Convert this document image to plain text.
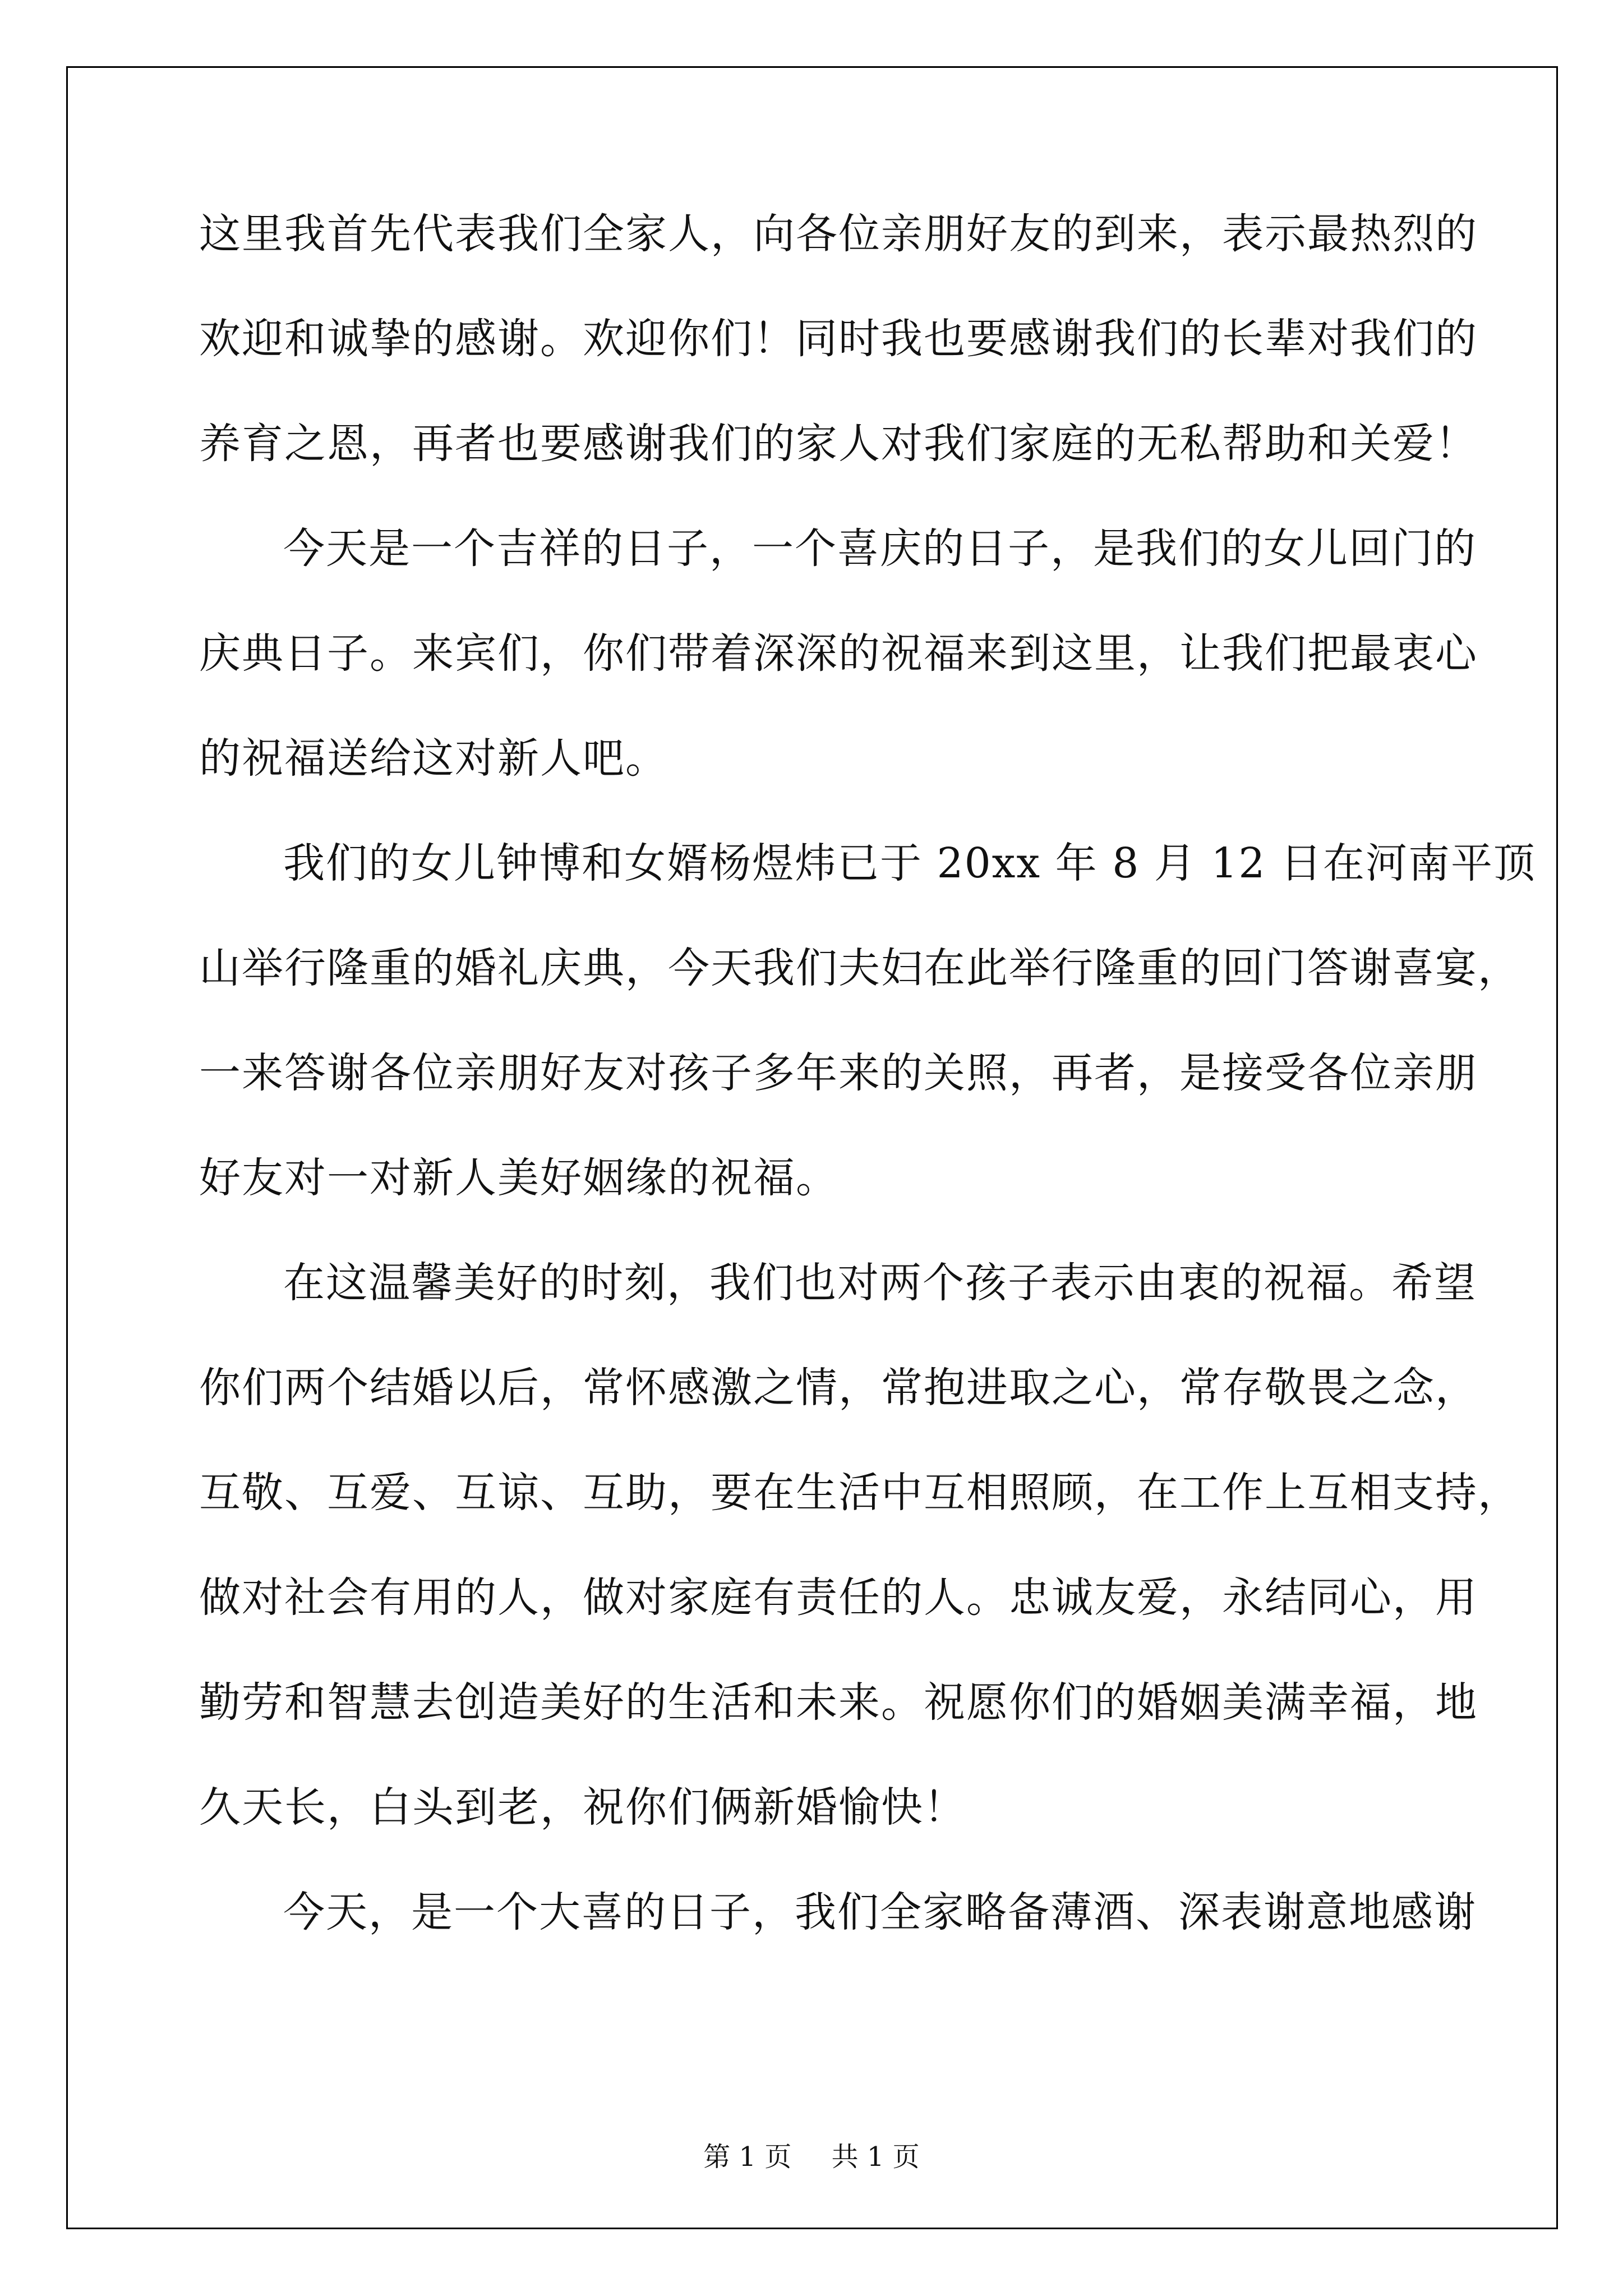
这里我首先代表我们全家人，向各位亲朋好友的到来，表示最热烈的
欢迎和诚挚的感谢。欢迎你们！同时我也要感谢我们的长辈对我们的
养育之恩，再者也要感谢我们的家人对我们家庭的无私帮助和关爱！
今天是一个吉祥的日子，一个喜庆的日子，是我们的女儿回门的
庆典日子。来宾们，你们带着深深的祝福来到这里，让我们把最衷心
的祝福送给这对新人吧。
我们的女儿钟博和女婿杨煜炜已于 20xx 年 8 月 12 日在河南平顶
山举行隆重的婚礼庆典，今天我们夫妇在此举行隆重的回门答谢喜宴，
一来答谢各位亲朋好友对孩子多年来的关照，再者，是接受各位亲朋
好友对一对新人美好姻缘的祝福。
在这温馨美好的时刻，我们也对两个孩子表示由衷的祝福。希望
你们两个结婚以后，常怀感激之情，常抱进取之心，常存敬畏之念，
互敬、互爱、互谅、互助，要在生活中互相照顾，在工作上互相支持，
做对社会有用的人，做对家庭有责任的人。忠诚友爱，永结同心，用
勤劳和智慧去创造美好的生活和未来。祝愿你们的婚姻美满幸福，地
久天长，白头到老，祝你们俩新婚愉快！
今天，是一个大喜的日子，我们全家略备薄酒、深表谢意地感谢
第 1 页 共 1 页
